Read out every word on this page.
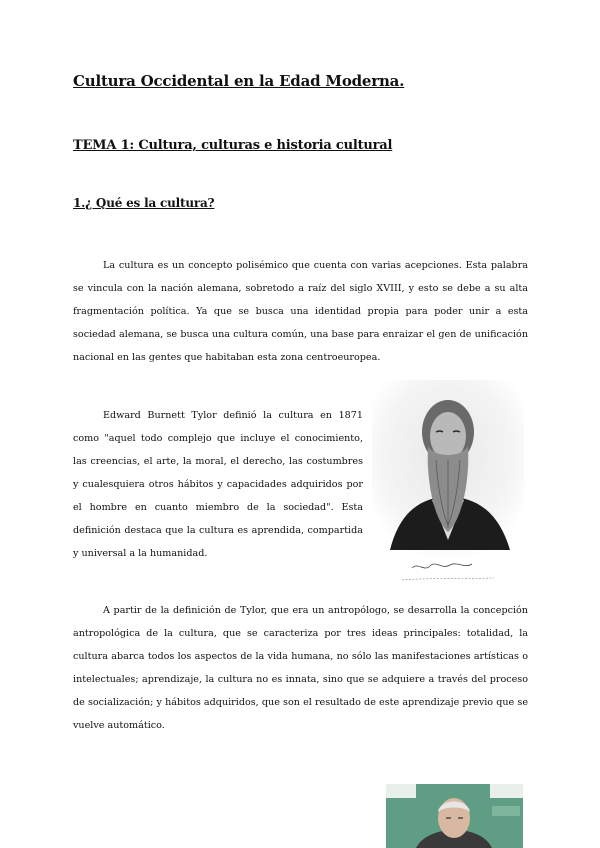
Cultura Occidental en la Edad Moderna.
TEMA 1: Cultura, culturas e historia cultural
1.¿ Qué es la cultura?

La cultura es un concepto polisémico que cuenta con varias acepciones. Esta palabra se vincula con la nación alemana, sobretodo a raíz del siglo XVIII, y esto se debe a su alta fragmentación política. Ya que se busca una identidad propia para poder unir a esta sociedad alemana, se busca una cultura común, una base para enraizar el gen de unificación nacional en las gentes que habitaban esta zona centroeuropea.

Edward Burnett Tylor definió la cultura en 1871 como "aquel todo complejo que incluye el conocimiento, las creencias, el arte, la moral, el derecho, las costumbres y cualesquiera otros hábitos y capacidades adquiridos por el hombre en cuanto miembro de la sociedad". Esta definición destaca que la cultura es aprendida, compartida y universal a la humanidad.

A partir de la definición de Tylor, que era un antropólogo, se desarrolla la concepción antropológica de la cultura, que se caracteriza por tres ideas principales: totalidad, la cultura abarca todos los aspectos de la vida humana, no sólo las manifestaciones artísticas o intelectuales; aprendizaje, la cultura no es innata, sino que se adquiere a través del proceso de socialización; y hábitos adquiridos, que son el resultado de este aprendizaje previo que se vuelve automático.
